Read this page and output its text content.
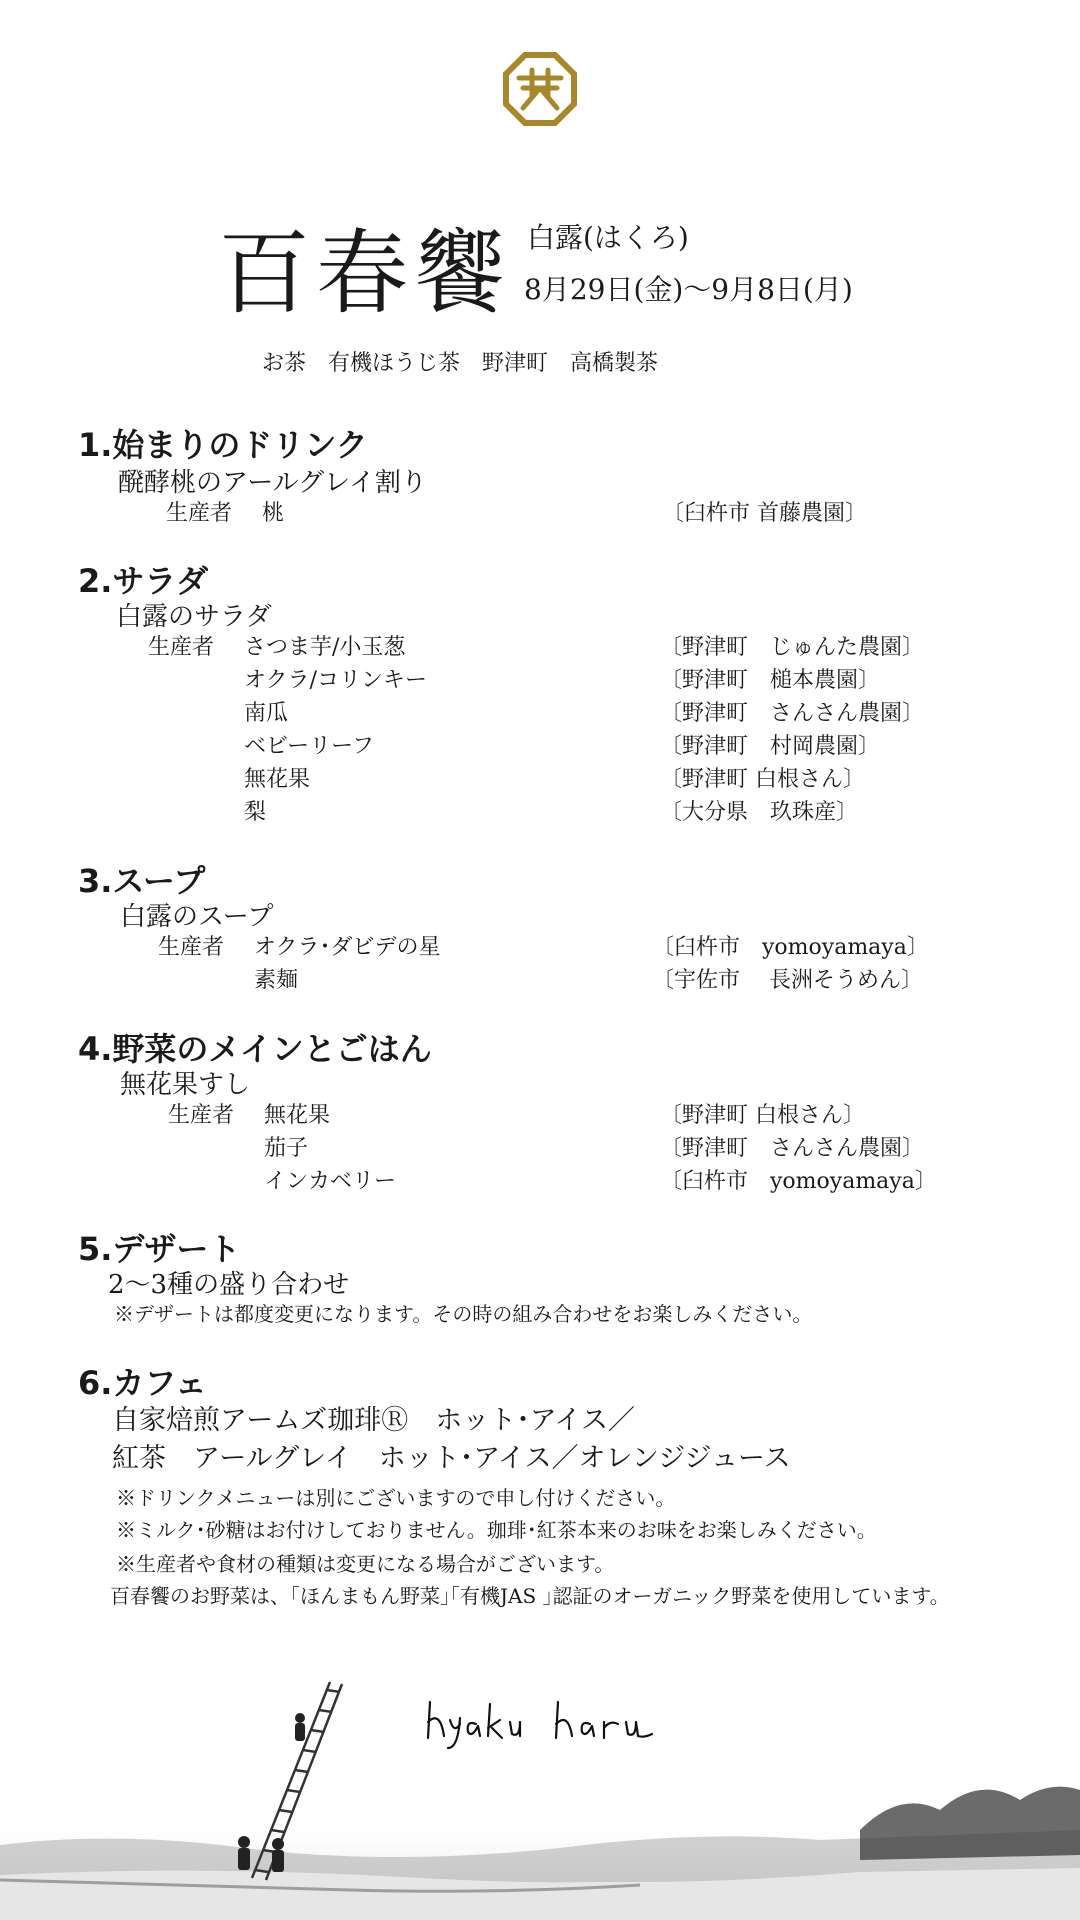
百春饗 白露(はくろ)
8月29日(金)〜9月8日(月)
お茶　有機ほうじ茶　野津町　高橋製茶
1.始まりのドリンク
醗酵桃のアールグレイ割り
生産者 桃	〔臼杵市 首藤農園〕
2.サラダ
白露のサラダ
生産者 さつま芋/小玉葱	〔野津町　じゅんた農園〕
オクラ/コリンキー	〔野津町　槌本農園〕
南瓜	〔野津町　さんさん農園〕
ベビーリーフ	〔野津町　村岡農園〕
無花果	〔野津町 白根さん〕
梨	〔大分県　玖珠産〕
3.スープ
白露のスープ
生産者 オクラ･ダビデの星	〔臼杵市　yomoyamaya〕
素麺	〔宇佐市　 長洲そうめん〕
4.野菜のメインとごはん
無花果すし
生産者 無花果	〔野津町 白根さん〕
茄子	〔野津町　さんさん農園〕
インカベリー	〔臼杵市　yomoyamaya〕
5.デザート
2〜3種の盛り合わせ
※デザートは都度変更になります。その時の組み合わせをお楽しみください。
6.カフェ
自家焙煎アームズ珈琲Ⓡ　ホット･アイス／
紅茶　アールグレイ　ホット･アイス／オレンジジュース
※ドリンクメニューは別にございますので申し付けください。
※ミルク･砂糖はお付けしておりません。珈琲･紅茶本来のお味をお楽しみください。
※生産者や食材の種類は変更になる場合がございます。
百春饗のお野菜は、｢ほんまもん野菜｣｢有機JAS ｣認証のオーガニック野菜を使用しています。
